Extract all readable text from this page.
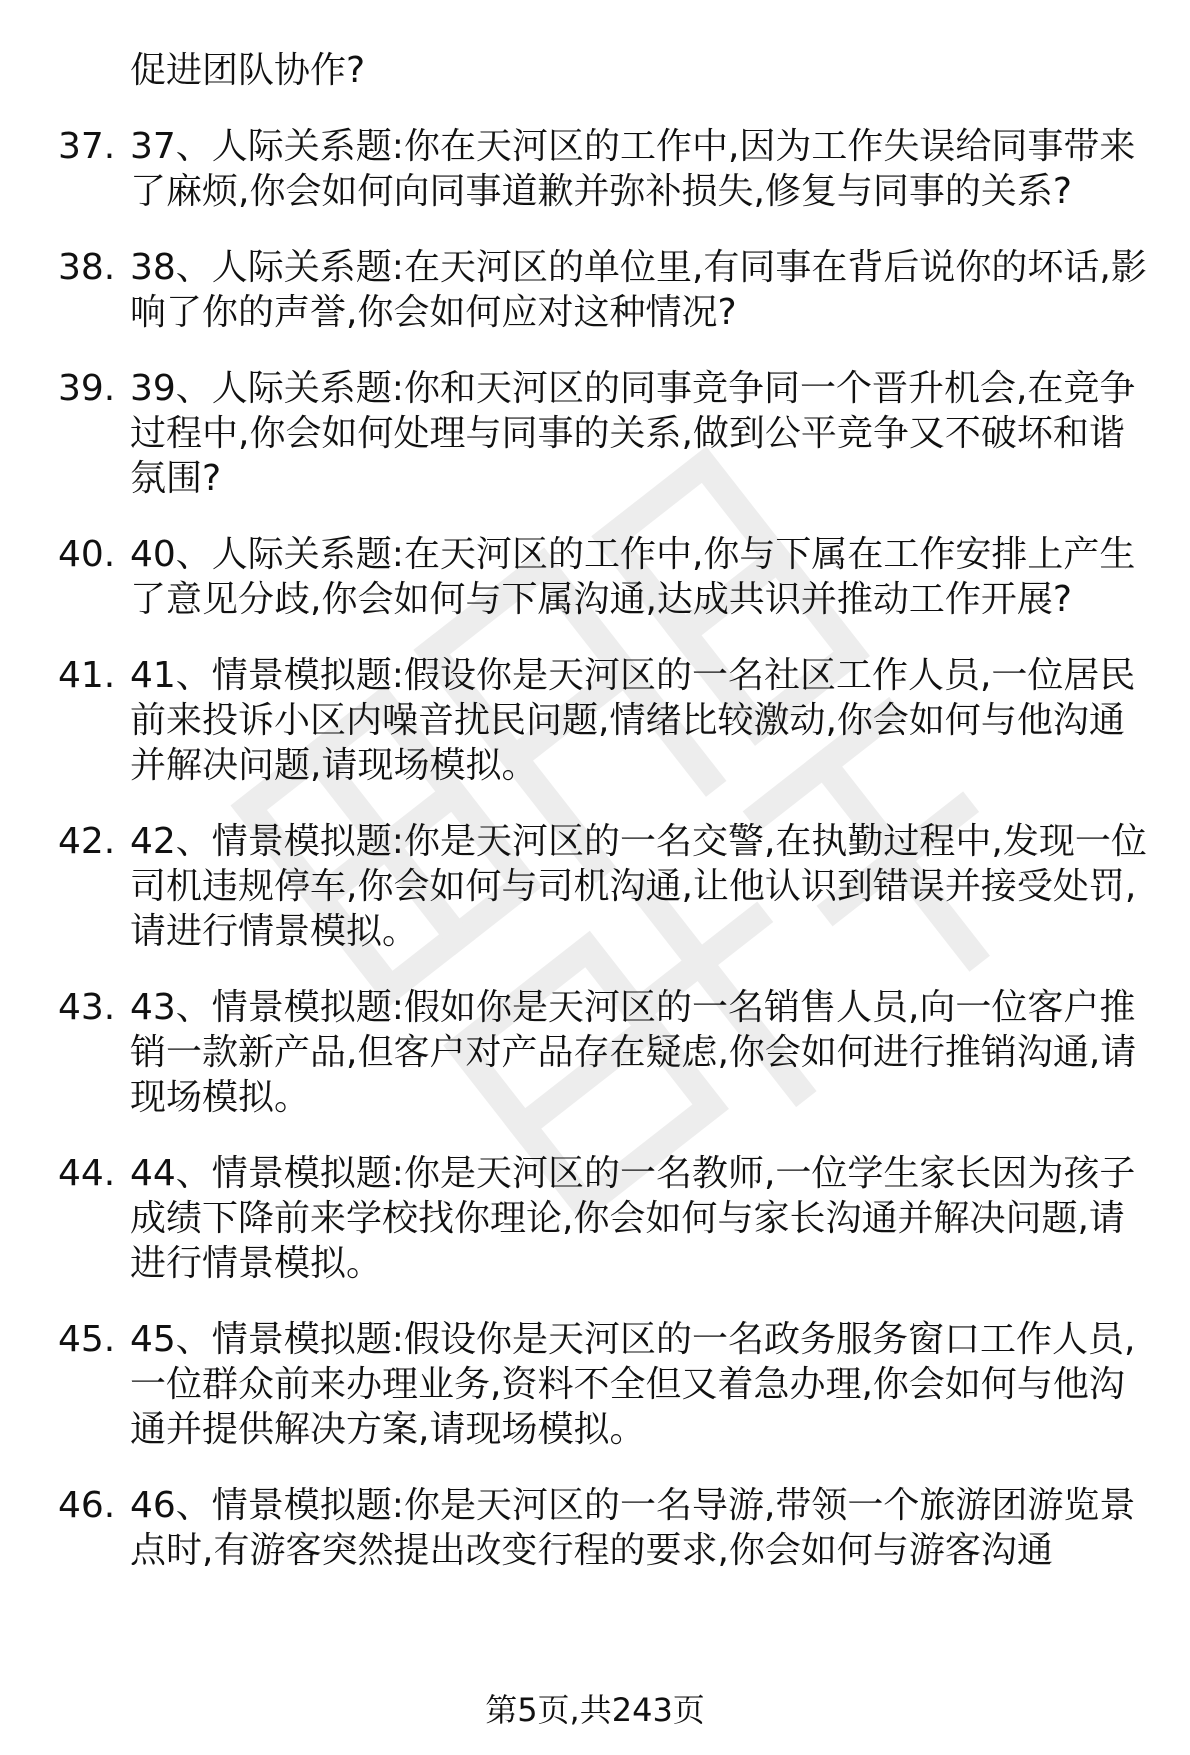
促进团队协作?

37. 37、人际关系题:你在天河区的工作中,因为工作失误给同事带来了麻烦,你会如何向同事道歉并弥补损失,修复与同事的关系?
38. 38、人际关系题:在天河区的单位里,有同事在背后说你的坏话,影响了你的声誉,你会如何应对这种情况?
39. 39、人际关系题:你和天河区的同事竞争同一个晋升机会,在竞争过程中,你会如何处理与同事的关系,做到公平竞争又不破坏和谐氛围?
40. 40、人际关系题:在天河区的工作中,你与下属在工作安排上产生了意见分歧,你会如何与下属沟通,达成共识并推动工作开展?
41. 41、情景模拟题:假设你是天河区的一名社区工作人员,一位居民前来投诉小区内噪音扰民问题,情绪比较激动,你会如何与他沟通并解决问题,请现场模拟。
42. 42、情景模拟题:你是天河区的一名交警,在执勤过程中,发现一位司机违规停车,你会如何与司机沟通,让他认识到错误并接受处罚,请进行情景模拟。
43. 43、情景模拟题:假如你是天河区的一名销售人员,向一位客户推销一款新产品,但客户对产品存在疑虑,你会如何进行推销沟通,请现场模拟。
44. 44、情景模拟题:你是天河区的一名教师,一位学生家长因为孩子成绩下降前来学校找你理论,你会如何与家长沟通并解决问题,请进行情景模拟。
45. 45、情景模拟题:假设你是天河区的一名政务服务窗口工作人员,一位群众前来办理业务,资料不全但又着急办理,你会如何与他沟通并提供解决方案,请现场模拟。
46. 46、情景模拟题:你是天河区的一名导游,带领一个旅游团游览景点时,有游客突然提出改变行程的要求,你会如何与游客沟通
第5页,共243页
